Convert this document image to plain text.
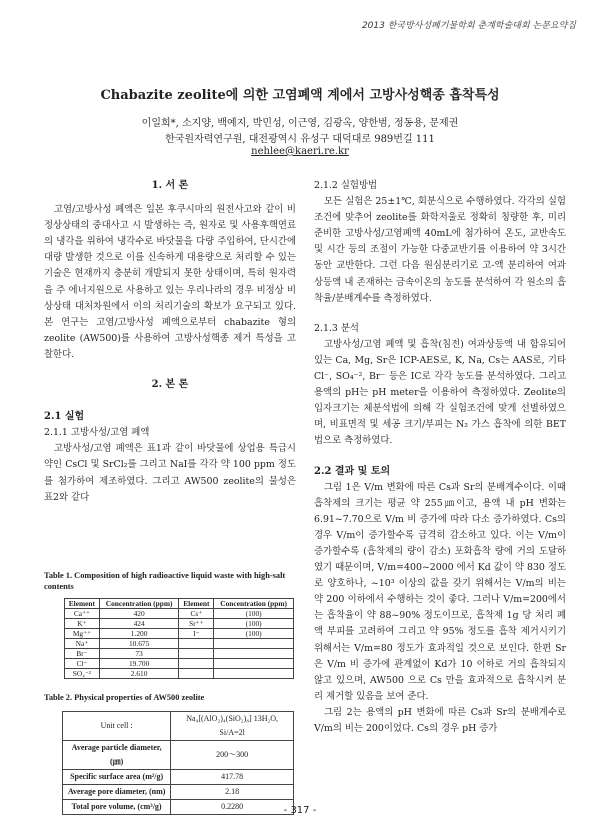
2013 한국방사성폐기물학회 춘계학술대회 논문요약집
Chabazite zeolite에 의한 고염폐액 계에서 고방사성핵종 흡착특성
이일희*, 소지양, 백예지, 박민성, 이근영, 김광옥, 양한범, 정동용, 문제권
한국원자력연구원, 대전광역시 유성구 대덕대로 989번길 111
nehlee@kaeri.re.kr
1. 서 론

고염/고방사성 폐액은 일본 후쿠시마의 원전사고와 같이 비정상상태의 중대사고 시 발생하는 즉, 원자로 및 사용후핵연료의 냉각을 위하여 냉각수로 바닷물을 다량 주입하여, 단시간에 대량 발생한 것으로 이를 신속하게 대용량으로 처리할 수 있는 기술은 현재까지 충분히 개발되지 못한 상태이며, 특히 원자력을 주 에너지원으로 사용하고 있는 우리나라의 경우 비정상 비상상태 대처차원에서 이의 처리기술의 확보가 요구되고 있다. 본 연구는 고염/고방사성 폐액으로부터 chabazite 형의 zeolite (AW500)를 사용하여 고방사성핵종 제거 특성을 고찰한다.

2. 본 론
2.1 실험
2.1.1 고방사성/고염 폐액

고방사성/고염 폐액은 표1과 같이 바닷물에 상업용 특급시약인 CsCl 및 SrCl₂를 그리고 NaI를 각각 약 100 ppm 정도를 첨가하여 제조하였다. 그리고 AW500 zeolite의 물성은 표2와 같다

Table 1. Composition of high radioactive liquid waste with high-salt contents
Element	Concentration (ppm)	Element	Concentration (ppm)
Ca⁺⁺	420	Cs⁺	(100)
K⁺	424	Sr⁺⁺	(100)
Mg⁺⁺	1.200	I⁻	(100)
Na⁺	10.675		
Br⁻	73		
Cl⁻	19.700		
SO₄⁻²	2.610		
Table 2. Physical properties of AW500 zeolite
Unit cell :	Na₄[(AlO₂)₄(SiO₂)₈] 13H₂O, Si/A=2l
Average particle diameter, (㎛)	200～300
Specific surface area (m²/g)	417.78
Average pore diameter, (nm)	2.18
Total pore volume, (cm³/g)	0.2280
2.1.2 실험방법

모든 실험은 25±1℃, 회분식으로 수행하였다. 각각의 실험조건에 맞추어 zeolite를 화학저울로 정확히 칭량한 후, 미리 준비한 고방사성/고염폐액 40mL에 첨가하여 온도, 교반속도 및 시간 등의 조절이 가능한 다중교반기를 이용하여 약 3시간 동안 교반한다. 그런 다음 원심분리기로 고-액 분리하여 여과 상등액 내 존재하는 금속이온의 농도를 분석하여 각 원소의 흡착율/분배계수를 측정하였다.

2.1.3 분석

고방사성/고염 폐액 및 흡착(침전) 여과상등액 내 함유되어 있는 Ca, Mg, Sr은 ICP-AES로, K, Na, Cs는 AAS로, 기타 Cl⁻, SO₄⁻², Br⁻ 등은 IC로 각각 농도를 분석하였다. 그리고 용액의 pH는 pH meter을 이용하여 측정하였다. Zeolite의 입자크기는 체분석법에 의해 각 실험조건에 맞게 선별하였으며, 비표면적 및 세공 크기/부피는 N₂ 가스 흡착에 의한 BET법으로 측정하였다.

2.2 결과 및 토의

그림 1은 V/m 변화에 따른 Cs과 Sr의 분배계수이다. 이때 흡착제의 크기는 평균 약 255㎛이고, 용액 내 pH 변화는 6.91~7.70으로 V/m 비 증가에 따라 다소 증가하였다. Cs의 경우 V/m이 증가할수록 급격히 감소하고 있다. 이는 V/m이 증가할수록 (흡착제의 량이 감소) 포화흡착 량에 거의 도달하였기 때문이며, V/m=400~2000 에서 Kd 값이 약 830 정도로 양호하나, ~10³ 이상의 값을 갖기 위해서는 V/m의 비는 약 200 이하에서 수행하는 것이 좋다. 그러나 V/m=200에서는 흡착율이 약 88~90% 정도이므로, 흡착제 1g 당 처리 폐액 부피를 고려하여 그리고 약 95% 정도를 흡착 제거시키기 위해서는 V/m=80 정도가 효과적일 것으로 보인다. 한편 Sr은 V/m 비 증가에 관계없이 Kd가 10 이하로 거의 흡착되지 않고 있으며, AW500 으로 Cs 만을 효과적으로 흡착시켜 분리 제거할 있음을 보여 준다.

그림 2는 용액의 pH 변화에 따른 Cs과 Sr의 분배계수로 V/m의 비는 200이었다. Cs의 경우 pH 증가

- 317 -
